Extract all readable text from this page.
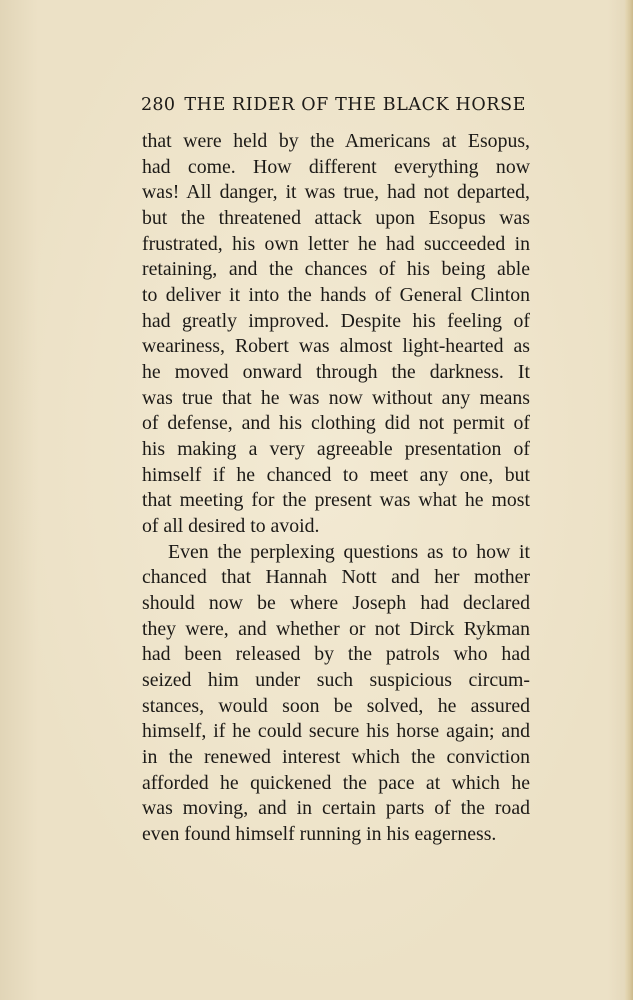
280 THE RIDER OF THE BLACK HORSE
that were held by the Americans at Esopus,
had come. How different everything now
was! All danger, it was true, had not departed,
but the threatened attack upon Esopus was
frustrated, his own letter he had succeeded in
retaining, and the chances of his being able
to deliver it into the hands of General Clinton
had greatly improved. Despite his feeling of
weariness, Robert was almost light-hearted as
he moved onward through the darkness. It
was true that he was now without any means
of defense, and his clothing did not permit of
his making a very agreeable presentation of
himself if he chanced to meet any one, but
that meeting for the present was what he most
of all desired to avoid.
Even the perplexing questions as to how it
chanced that Hannah Nott and her mother
should now be where Joseph had declared
they were, and whether or not Dirck Rykman
had been released by the patrols who had
seized him under such suspicious circum-
stances, would soon be solved, he assured
himself, if he could secure his horse again; and
in the renewed interest which the conviction
afforded he quickened the pace at which he
was moving, and in certain parts of the road
even found himself running in his eagerness.
